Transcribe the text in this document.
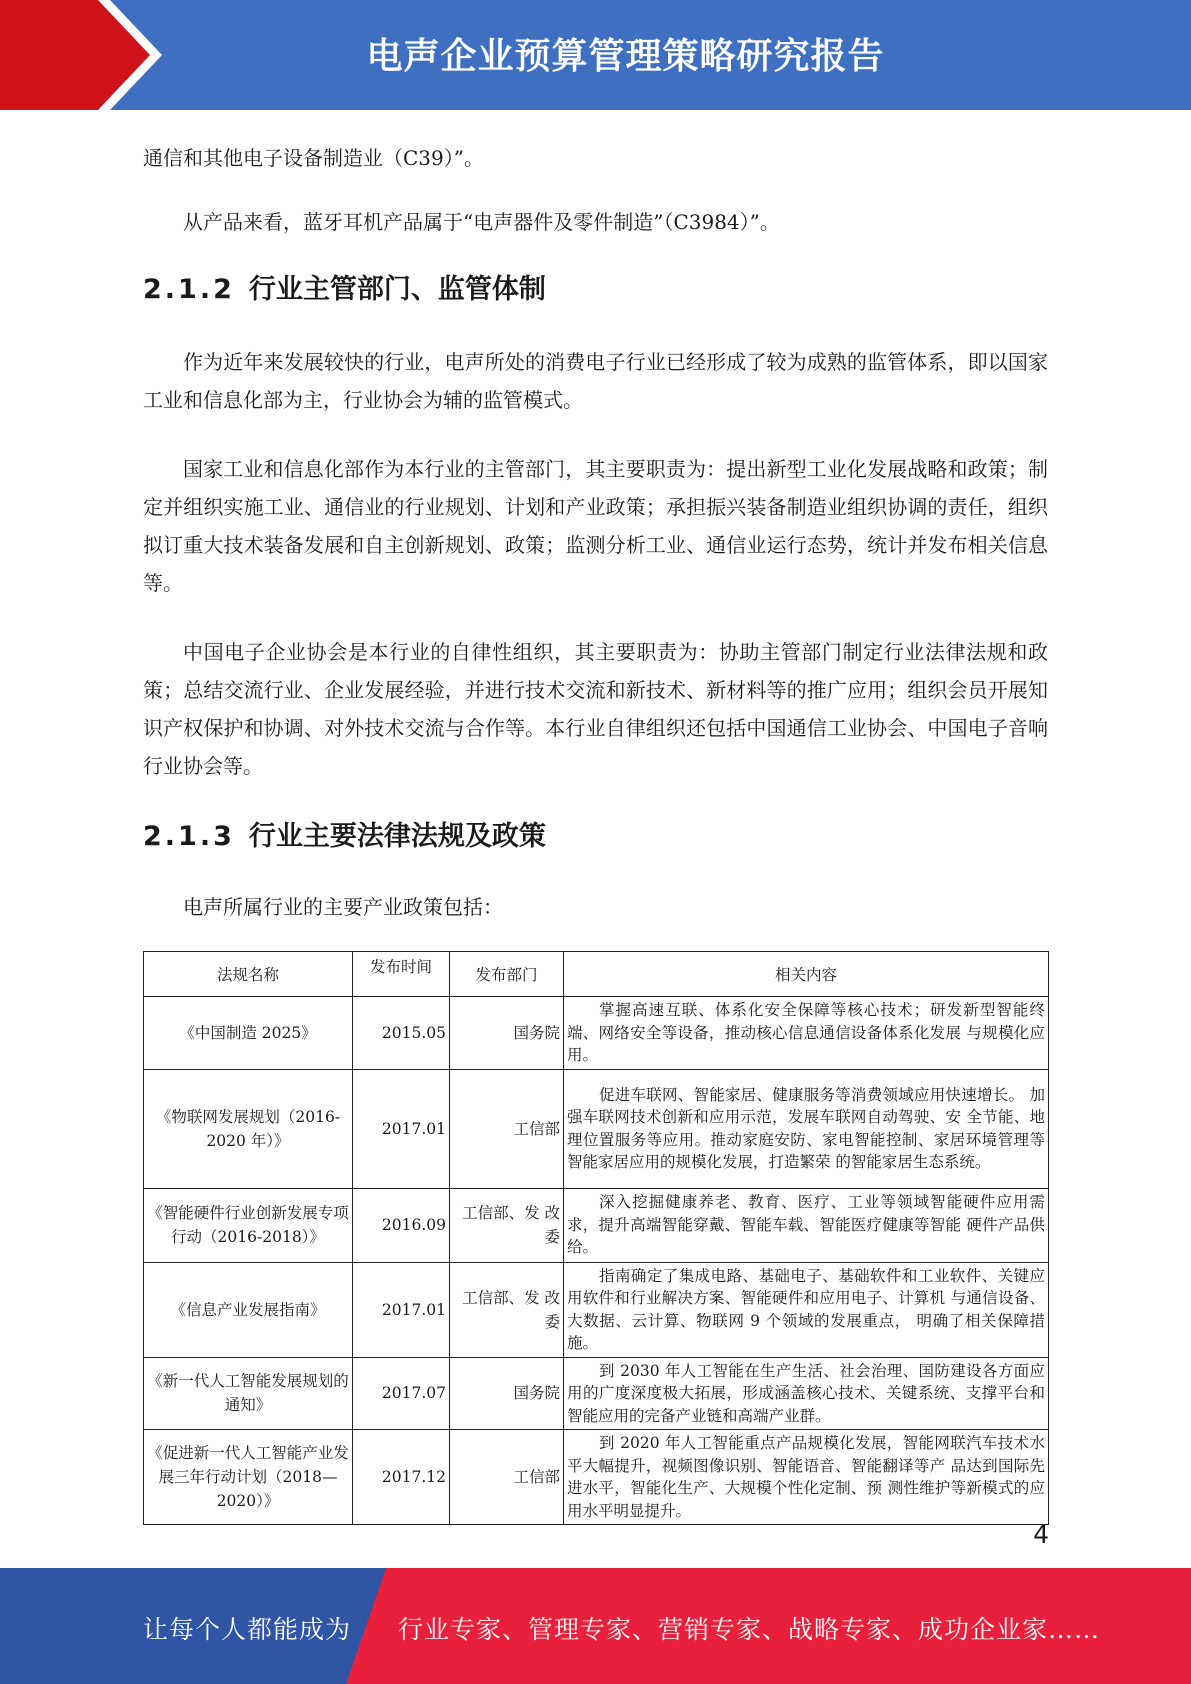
电声企业预算管理策略研究报告

通信和其他电子设备制造业（C39）”。

从产品来看，蓝牙耳机产品属于“电声器件及零件制造”（C3984）”。

2.1.2 行业主管部门、监管体制

作为近年来发展较快的行业，电声所处的消费电子行业已经形成了较为成熟的监管体系，即以国家工业和信息化部为主，行业协会为辅的监管模式。

国家工业和信息化部作为本行业的主管部门，其主要职责为：提出新型工业化发展战略和政策；制定并组织实施工业、通信业的行业规划、计划和产业政策；承担振兴装备制造业组织协调的责任，组织拟订重大技术装备发展和自主创新规划、政策；监测分析工业、通信业运行态势，统计并发布相关信息等。

中国电子企业协会是本行业的自律性组织，其主要职责为：协助主管部门制定行业法律法规和政策；总结交流行业、企业发展经验，并进行技术交流和新技术、新材料等的推广应用；组织会员开展知识产权保护和协调、对外技术交流与合作等。本行业自律组织还包括中国通信工业协会、中国电子音响行业协会等。

2.1.3 行业主要法律法规及政策

电声所属行业的主要产业政策包括：

法规名称	发布时间	发布部门	相关内容
《中国制造 2025》	2015.05	国务院	掌握高速互联、体系化安全保障等核心技术；研发新型智能终端、网络安全等设备，推动核心信息通信设备体系化发展 与规模化应用。
《物联网发展规划（2016-2020 年）》	2017.01	工信部	促进车联网、智能家居、健康服务等消费领域应用快速增长。 加强车联网技术创新和应用示范，发展车联网自动驾驶、安 全节能、地理位置服务等应用。推动家庭安防、家电智能控制、家居环境管理等智能家居应用的规模化发展，打造繁荣 的智能家居生态系统。
《智能硬件行业创新发展专项行动（2016-2018）》	2016.09	工信部、发 改委	深入挖掘健康养老、教育、医疗、工业等领域智能硬件应用需求，提升高端智能穿戴、智能车载、智能医疗健康等智能 硬件产品供给。
《信息产业发展指南》	2017.01	工信部、发 改委	指南确定了集成电路、基础电子、基础软件和工业软件、关键应用软件和行业解决方案、智能硬件和应用电子、计算机 与通信设备、大数据、云计算、物联网 9 个领域的发展重点， 明确了相关保障措施。
《新一代人工智能发展规划的通知》	2017.07	国务院	到 2030 年人工智能在生产生活、社会治理、国防建设各方面应用的广度深度极大拓展，形成涵盖核心技术、关键系统、支撑平台和智能应用的完备产业链和高端产业群。
《促进新一代人工智能产业发展三年行动计划（2018—2020）》	2017.12	工信部	到 2020 年人工智能重点产品规模化发展，智能网联汽车技术水平大幅提升，视频图像识别、智能语音、智能翻译等产 品达到国际先进水平，智能化生产、大规模个性化定制、预 测性维护等新模式的应用水平明显提升。
4
让每个人都能成为 行业专家、管理专家、营销专家、战略专家、成功企业家……
